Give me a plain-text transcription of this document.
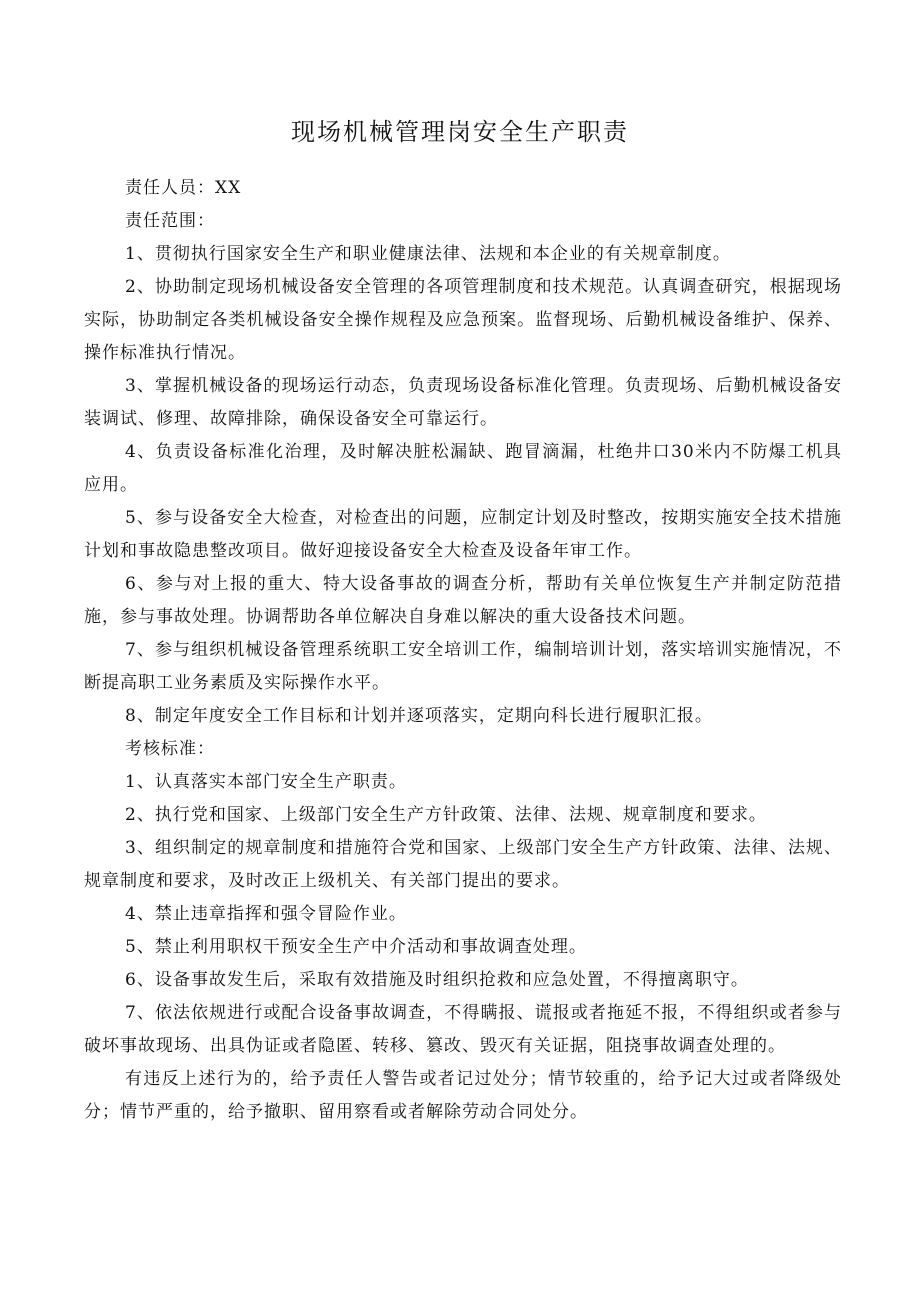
现场机械管理岗安全生产职责

责任人员：XX

责任范围：

1、贯彻执行国家安全生产和职业健康法律、法规和本企业的有关规章制度。

2、协助制定现场机械设备安全管理的各项管理制度和技术规范。认真调查研究，根据现场实际，协助制定各类机械设备安全操作规程及应急预案。监督现场、后勤机械设备维护、保养、操作标准执行情况。

3、掌握机械设备的现场运行动态，负责现场设备标准化管理。负责现场、后勤机械设备安装调试、修理、故障排除，确保设备安全可靠运行。

4、负责设备标准化治理，及时解决脏松漏缺、跑冒滴漏，杜绝井口30米内不防爆工机具应用。

5、参与设备安全大检查，对检查出的问题，应制定计划及时整改，按期实施安全技术措施计划和事故隐患整改项目。做好迎接设备安全大检查及设备年审工作。

6、参与对上报的重大、特大设备事故的调查分析，帮助有关单位恢复生产并制定防范措施，参与事故处理。协调帮助各单位解决自身难以解决的重大设备技术问题。

7、参与组织机械设备管理系统职工安全培训工作，编制培训计划，落实培训实施情况，不断提高职工业务素质及实际操作水平。

8、制定年度安全工作目标和计划并逐项落实，定期向科长进行履职汇报。

考核标准：

1、认真落实本部门安全生产职责。

2、执行党和国家、上级部门安全生产方针政策、法律、法规、规章制度和要求。

3、组织制定的规章制度和措施符合党和国家、上级部门安全生产方针政策、法律、法规、规章制度和要求，及时改正上级机关、有关部门提出的要求。

4、禁止违章指挥和强令冒险作业。

5、禁止利用职权干预安全生产中介活动和事故调查处理。

6、设备事故发生后，采取有效措施及时组织抢救和应急处置，不得擅离职守。

7、依法依规进行或配合设备事故调查，不得瞒报、谎报或者拖延不报，不得组织或者参与破坏事故现场、出具伪证或者隐匿、转移、篡改、毁灭有关证据，阻挠事故调查处理的。

有违反上述行为的，给予责任人警告或者记过处分；情节较重的，给予记大过或者降级处分；情节严重的，给予撤职、留用察看或者解除劳动合同处分。
